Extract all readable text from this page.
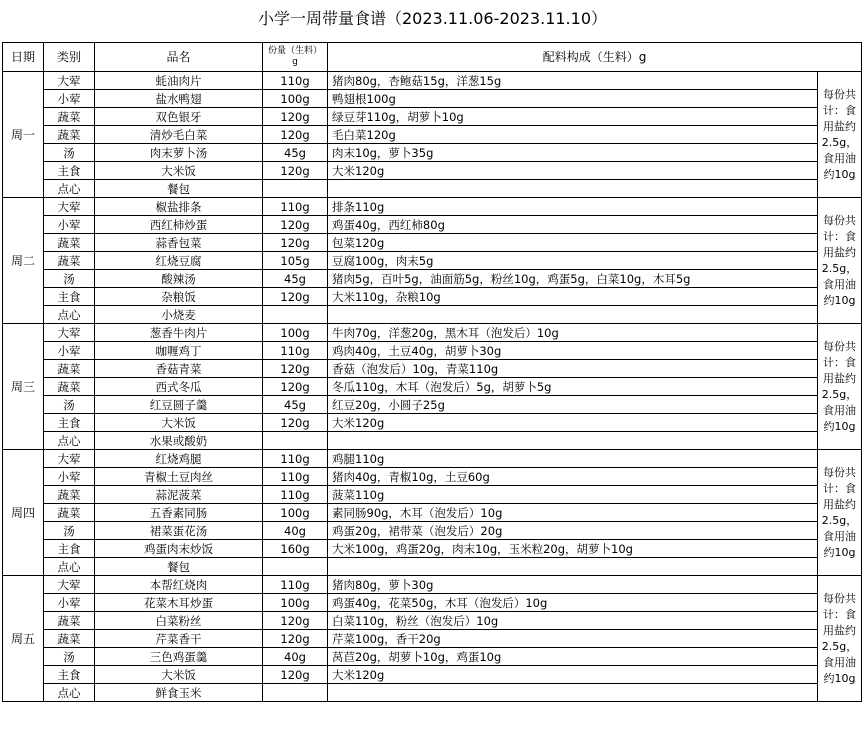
小学一周带量食谱（2023.11.06-2023.11.10）
日期	类别	品名	份量（生料）
g	配料构成（生料）g	
周一	大荤	蚝油肉片	110g	猪肉80g，杏鲍菇15g，洋葱15g	每份共计：食用盐约2.5g，食用油约10g
	小荤	盐水鸭翅	100g	鸭翅根100g	
	蔬菜	双色银牙	120g	绿豆芽110g，胡萝卜10g	
	蔬菜	清炒毛白菜	120g	毛白菜120g	
	汤	肉末萝卜汤	45g	肉末10g，萝卜35g	
	主食	大米饭	120g	大米120g	
	点心	餐包			
周二	大荤	椒盐排条	110g	排条110g	每份共计：食用盐约2.5g，食用油约10g
	小荤	西红柿炒蛋	120g	鸡蛋40g，西红柿80g	
	蔬菜	蒜香包菜	120g	包菜120g	
	蔬菜	红烧豆腐	105g	豆腐100g，肉末5g	
	汤	酸辣汤	45g	猪肉5g，百叶5g，油面筋5g，粉丝10g，鸡蛋5g，白菜10g，木耳5g	
	主食	杂粮饭	120g	大米110g，杂粮10g	
	点心	小烧麦			
周三	大荤	葱香牛肉片	100g	牛肉70g，洋葱20g，黑木耳（泡发后）10g	每份共计：食用盐约2.5g，食用油约10g
	小荤	咖喱鸡丁	110g	鸡肉40g，土豆40g，胡萝卜30g	
	蔬菜	香菇青菜	120g	香菇（泡发后）10g，青菜110g	
	蔬菜	西式冬瓜	120g	冬瓜110g，木耳（泡发后）5g，胡萝卜5g	
	汤	红豆圆子羹	45g	红豆20g，小圆子25g	
	主食	大米饭	120g	大米120g	
	点心	水果或酸奶			
周四	大荤	红烧鸡腿	110g	鸡腿110g	每份共计：食用盐约2.5g，食用油约10g
	小荤	青椒土豆肉丝	110g	猪肉40g，青椒10g，土豆60g	
	蔬菜	蒜泥菠菜	110g	菠菜110g	
	蔬菜	五香素同肠	100g	素同肠90g，木耳（泡发后）10g	
	汤	裙菜蛋花汤	40g	鸡蛋20g，裙带菜（泡发后）20g	
	主食	鸡蛋肉末炒饭	160g	大米100g，鸡蛋20g，肉末10g，玉米粒20g，胡萝卜10g	
	点心	餐包			
周五	大荤	本帮红烧肉	110g	猪肉80g，萝卜30g	每份共计：食用盐约2.5g，食用油约10g
	小荤	花菜木耳炒蛋	100g	鸡蛋40g，花菜50g，木耳（泡发后）10g	
	蔬菜	白菜粉丝	120g	白菜110g，粉丝（泡发后）10g	
	蔬菜	芹菜香干	120g	芹菜100g，香干20g	
	汤	三色鸡蛋羹	40g	莴苣20g，胡萝卜10g，鸡蛋10g	
	主食	大米饭	120g	大米120g	
	点心	鲜食玉米			
